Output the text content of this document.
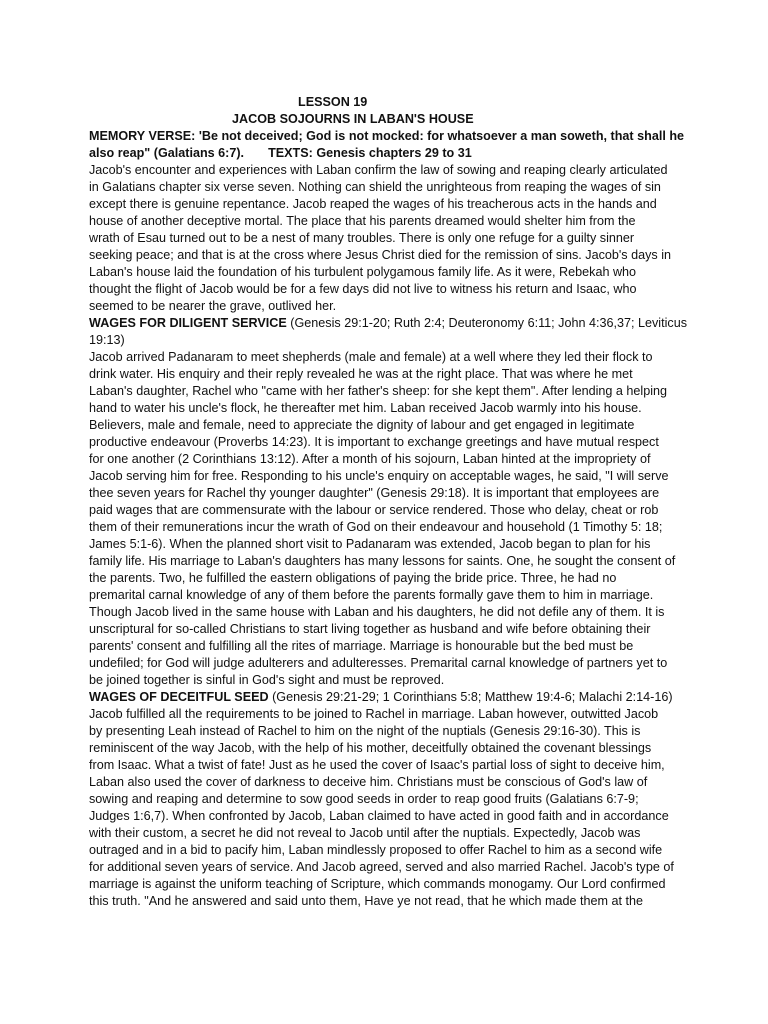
LESSON 19
JACOB SOJOURNS IN LABAN'S HOUSE
MEMORY VERSE: 'Be not deceived; God is not mocked: for whatsoever a man soweth, that shall he
also reap" (Galatians 6:7). TEXTS: Genesis chapters 29 to 31
Jacob's encounter and experiences with Laban confirm the law of sowing and reaping clearly articulated
in Galatians chapter six verse seven. Nothing can shield the unrighteous from reaping the wages of sin
except there is genuine repentance. Jacob reaped the wages of his treacherous acts in the hands and
house of another deceptive mortal. The place that his parents dreamed would shelter him from the
wrath of Esau turned out to be a nest of many troubles. There is only one refuge for a guilty sinner
seeking peace; and that is at the cross where Jesus Christ died for the remission of sins. Jacob's days in
Laban's house laid the foundation of his turbulent polygamous family life. As it were, Rebekah who
thought the flight of Jacob would be for a few days did not live to witness his return and Isaac, who
seemed to be nearer the grave, outlived her.
WAGES FOR DILIGENT SERVICE (Genesis 29:1-20; Ruth 2:4; Deuteronomy 6:11; John 4:36,37; Leviticus
19:13)
Jacob arrived Padanaram to meet shepherds (male and female) at a well where they led their flock to
drink water. His enquiry and their reply revealed he was at the right place. That was where he met
Laban's daughter, Rachel who "came with her father's sheep: for she kept them". After lending a helping
hand to water his uncle's flock, he thereafter met him. Laban received Jacob warmly into his house.
Believers, male and female, need to appreciate the dignity of labour and get engaged in legitimate
productive endeavour (Proverbs 14:23). It is important to exchange greetings and have mutual respect
for one another (2 Corinthians 13:12). After a month of his sojourn, Laban hinted at the impropriety of
Jacob serving him for free. Responding to his uncle's enquiry on acceptable wages, he said, "I will serve
thee seven years for Rachel thy younger daughter" (Genesis 29:18). It is important that employees are
paid wages that are commensurate with the labour or service rendered. Those who delay, cheat or rob
them of their remunerations incur the wrath of God on their endeavour and household (1 Timothy 5: 18;
James 5:1-6). When the planned short visit to Padanaram was extended, Jacob began to plan for his
family life. His marriage to Laban's daughters has many lessons for saints. One, he sought the consent of
the parents. Two, he fulfilled the eastern obligations of paying the bride price. Three, he had no
premarital carnal knowledge of any of them before the parents formally gave them to him in marriage.
Though Jacob lived in the same house with Laban and his daughters, he did not defile any of them. It is
unscriptural for so-called Christians to start living together as husband and wife before obtaining their
parents' consent and fulfilling all the rites of marriage. Marriage is honourable but the bed must be
undefiled; for God will judge adulterers and adulteresses. Premarital carnal knowledge of partners yet to
be joined together is sinful in God's sight and must be reproved.
WAGES OF DECEITFUL SEED (Genesis 29:21-29; 1 Corinthians 5:8; Matthew 19:4-6; Malachi 2:14-16)
Jacob fulfilled all the requirements to be joined to Rachel in marriage. Laban however, outwitted Jacob
by presenting Leah instead of Rachel to him on the night of the nuptials (Genesis 29:16-30). This is
reminiscent of the way Jacob, with the help of his mother, deceitfully obtained the covenant blessings
from Isaac. What a twist of fate! Just as he used the cover of Isaac's partial loss of sight to deceive him,
Laban also used the cover of darkness to deceive him. Christians must be conscious of God's law of
sowing and reaping and determine to sow good seeds in order to reap good fruits (Galatians 6:7-9;
Judges 1:6,7). When confronted by Jacob, Laban claimed to have acted in good faith and in accordance
with their custom, a secret he did not reveal to Jacob until after the nuptials. Expectedly, Jacob was
outraged and in a bid to pacify him, Laban mindlessly proposed to offer Rachel to him as a second wife
for additional seven years of service. And Jacob agreed, served and also married Rachel. Jacob's type of
marriage is against the uniform teaching of Scripture, which commands monogamy. Our Lord confirmed
this truth. "And he answered and said unto them, Have ye not read, that he which made them at the
